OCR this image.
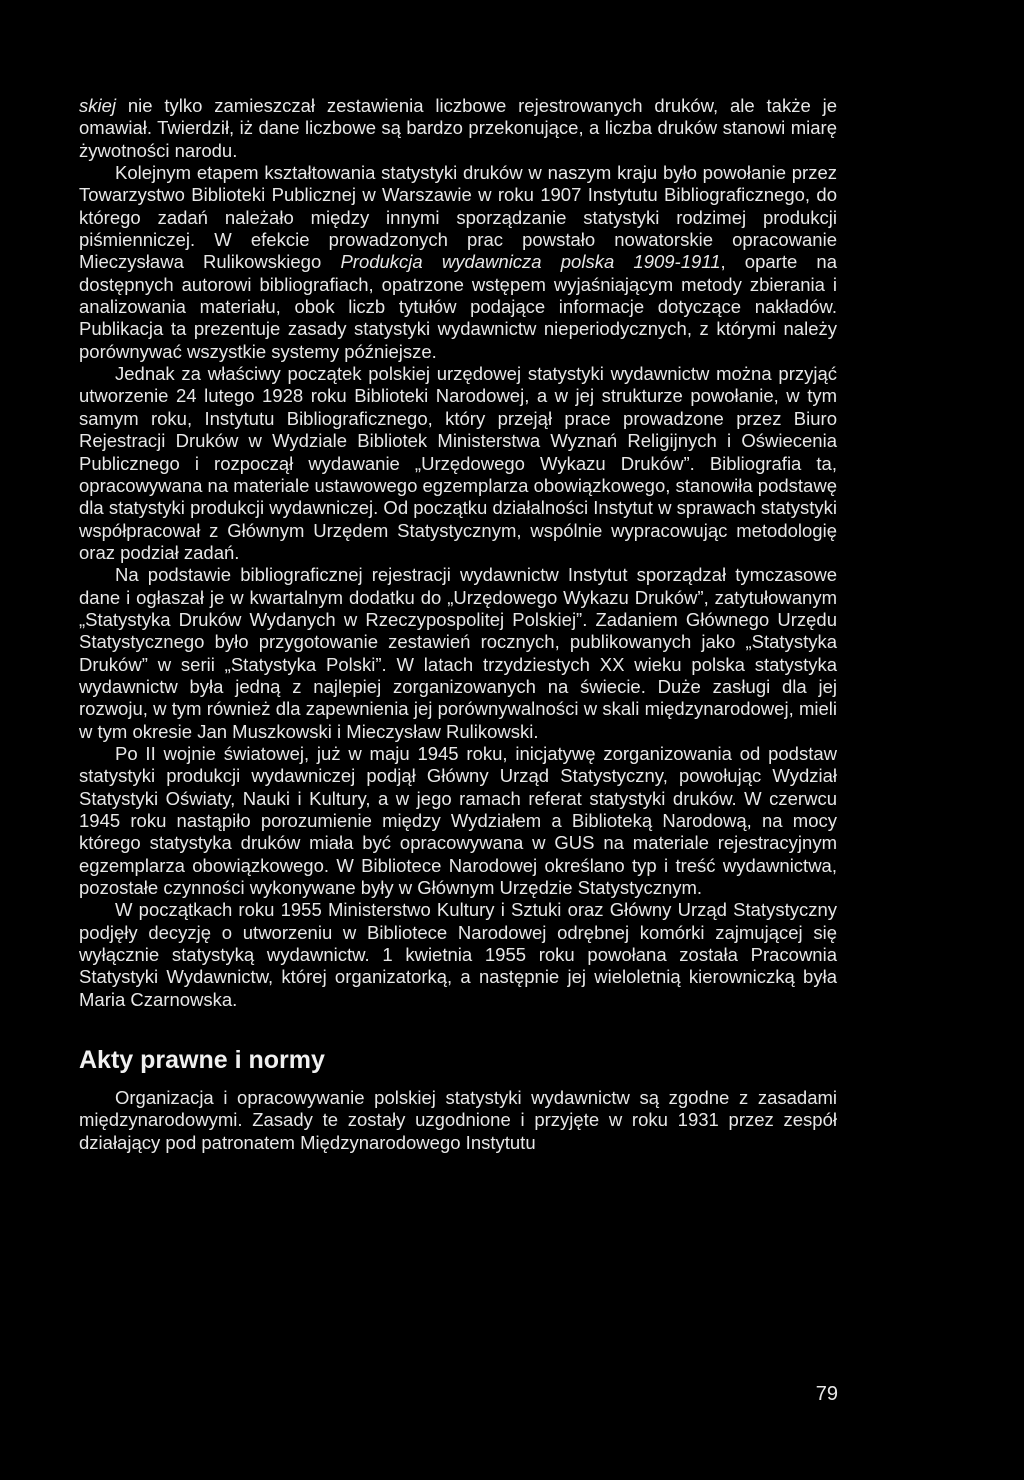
skiej nie tylko zamieszczał zestawienia liczbowe rejestrowanych druków, ale także je omawiał. Twierdził, iż dane liczbowe są bardzo przekonujące, a liczba druków stanowi miarę żywotności narodu.

Kolejnym etapem kształtowania statystyki druków w naszym kraju było powołanie przez Towarzystwo Biblioteki Publicznej w Warszawie w roku 1907 Instytutu Bibliograficznego, do którego zadań należało między innymi sporządzanie statystyki rodzimej produkcji piśmienniczej. W efekcie prowadzonych prac powstało nowatorskie opracowanie Mieczysława Rulikowskiego Produkcja wydawnicza polska 1909-1911, oparte na dostępnych autorowi bibliografiach, opatrzone wstępem wyjaśniającym metody zbierania i analizowania materiału, obok liczb tytułów podające informacje dotyczące nakładów. Publikacja ta prezentuje zasady statystyki wydawnictw nieperiodycznych, z którymi należy porównywać wszystkie systemy późniejsze.

Jednak za właściwy początek polskiej urzędowej statystyki wydawnictw można przyjąć utworzenie 24 lutego 1928 roku Biblioteki Narodowej, a w jej strukturze powołanie, w tym samym roku, Instytutu Bibliograficznego, który przejął prace prowadzone przez Biuro Rejestracji Druków w Wydziale Bibliotek Ministerstwa Wyznań Religijnych i Oświecenia Publicznego i rozpoczął wydawanie „Urzędowego Wykazu Druków”. Bibliografia ta, opracowywana na materiale ustawowego egzemplarza obowiązkowego, stanowiła podstawę dla statystyki produkcji wydawniczej. Od początku działalności Instytut w sprawach statystyki współpracował z Głównym Urzędem Statystycznym, wspólnie wypracowując metodologię oraz podział zadań.

Na podstawie bibliograficznej rejestracji wydawnictw Instytut sporządzał tymczasowe dane i ogłaszał je w kwartalnym dodatku do „Urzędowego Wykazu Druków”, zatytułowanym „Statystyka Druków Wydanych w Rzeczypospolitej Polskiej”. Zadaniem Głównego Urzędu Statystycznego było przygotowanie zestawień rocznych, publikowanych jako „Statystyka Druków” w serii „Statystyka Polski”. W latach trzydziestych XX wieku polska statystyka wydawnictw była jedną z najlepiej zorganizowanych na świecie. Duże zasługi dla jej rozwoju, w tym również dla zapewnienia jej porównywalności w skali międzynarodowej, mieli w tym okresie Jan Muszkowski i Mieczysław Rulikowski.

Po II wojnie światowej, już w maju 1945 roku, inicjatywę zorganizowania od podstaw statystyki produkcji wydawniczej podjął Główny Urząd Statystyczny, powołując Wydział Statystyki Oświaty, Nauki i Kultury, a w jego ramach referat statystyki druków. W czerwcu 1945 roku nastąpiło porozumienie między Wydziałem a Biblioteką Narodową, na mocy którego statystyka druków miała być opracowywana w GUS na materiale rejestracyjnym egzemplarza obowiązkowego. W Bibliotece Narodowej określano typ i treść wydawnictwa, pozostałe czynności wykonywane były w Głównym Urzędzie Statystycznym.

W początkach roku 1955 Ministerstwo Kultury i Sztuki oraz Główny Urząd Statystyczny podjęły decyzję o utworzeniu w Bibliotece Narodowej odrębnej komórki zajmującej się wyłącznie statystyką wydawnictw. 1 kwietnia 1955 roku powołana została Pracownia Statystyki Wydawnictw, której organizatorką, a następnie jej wieloletnią kierowniczką była Maria Czarnowska.

Akty prawne i normy

Organizacja i opracowywanie polskiej statystyki wydawnictw są zgodne z zasadami międzynarodowymi. Zasady te zostały uzgodnione i przyjęte w roku 1931 przez zespół działający pod patronatem Międzynarodowego Instytutu

79
